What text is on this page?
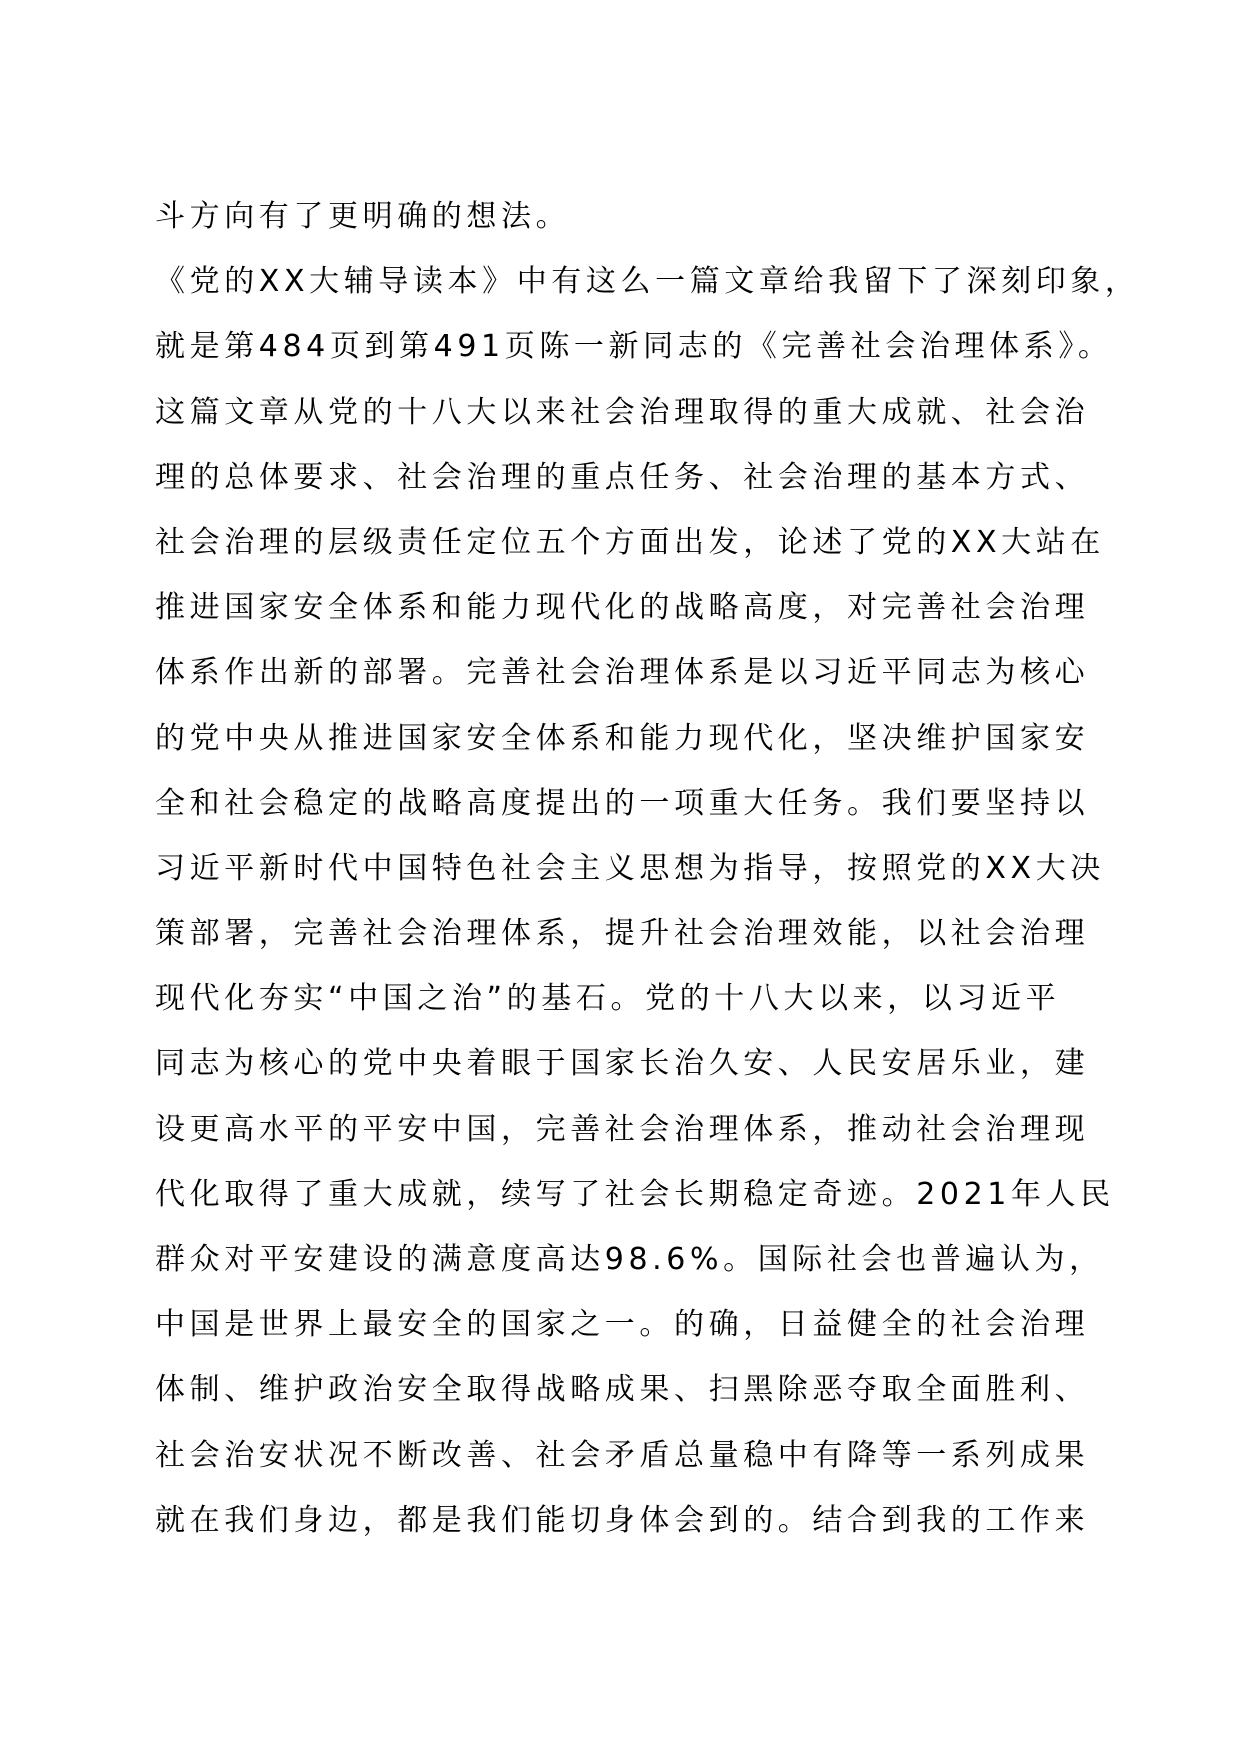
斗方向有了更明确的想法。
《党的XX大辅导读本》中有这么一篇文章给我留下了深刻印象，
就是第484页到第491页陈一新同志的《完善社会治理体系》。
这篇文章从党的十八大以来社会治理取得的重大成就、社会治
理的总体要求、社会治理的重点任务、社会治理的基本方式、
社会治理的层级责任定位五个方面出发，论述了党的XX大站在
推进国家安全体系和能力现代化的战略高度，对完善社会治理
体系作出新的部署。完善社会治理体系是以习近平同志为核心
的党中央从推进国家安全体系和能力现代化，坚决维护国家安
全和社会稳定的战略高度提出的一项重大任务。我们要坚持以
习近平新时代中国特色社会主义思想为指导，按照党的XX大决
策部署，完善社会治理体系，提升社会治理效能，以社会治理
现代化夯实“中国之治”的基石。党的十八大以来，以习近平
同志为核心的党中央着眼于国家长治久安、人民安居乐业，建
设更高水平的平安中国，完善社会治理体系，推动社会治理现
代化取得了重大成就，续写了社会长期稳定奇迹。2021年人民
群众对平安建设的满意度高达98.6%。国际社会也普遍认为，
中国是世界上最安全的国家之一。的确，日益健全的社会治理
体制、维护政治安全取得战略成果、扫黑除恶夺取全面胜利、
社会治安状况不断改善、社会矛盾总量稳中有降等一系列成果
就在我们身边，都是我们能切身体会到的。结合到我的工作来
